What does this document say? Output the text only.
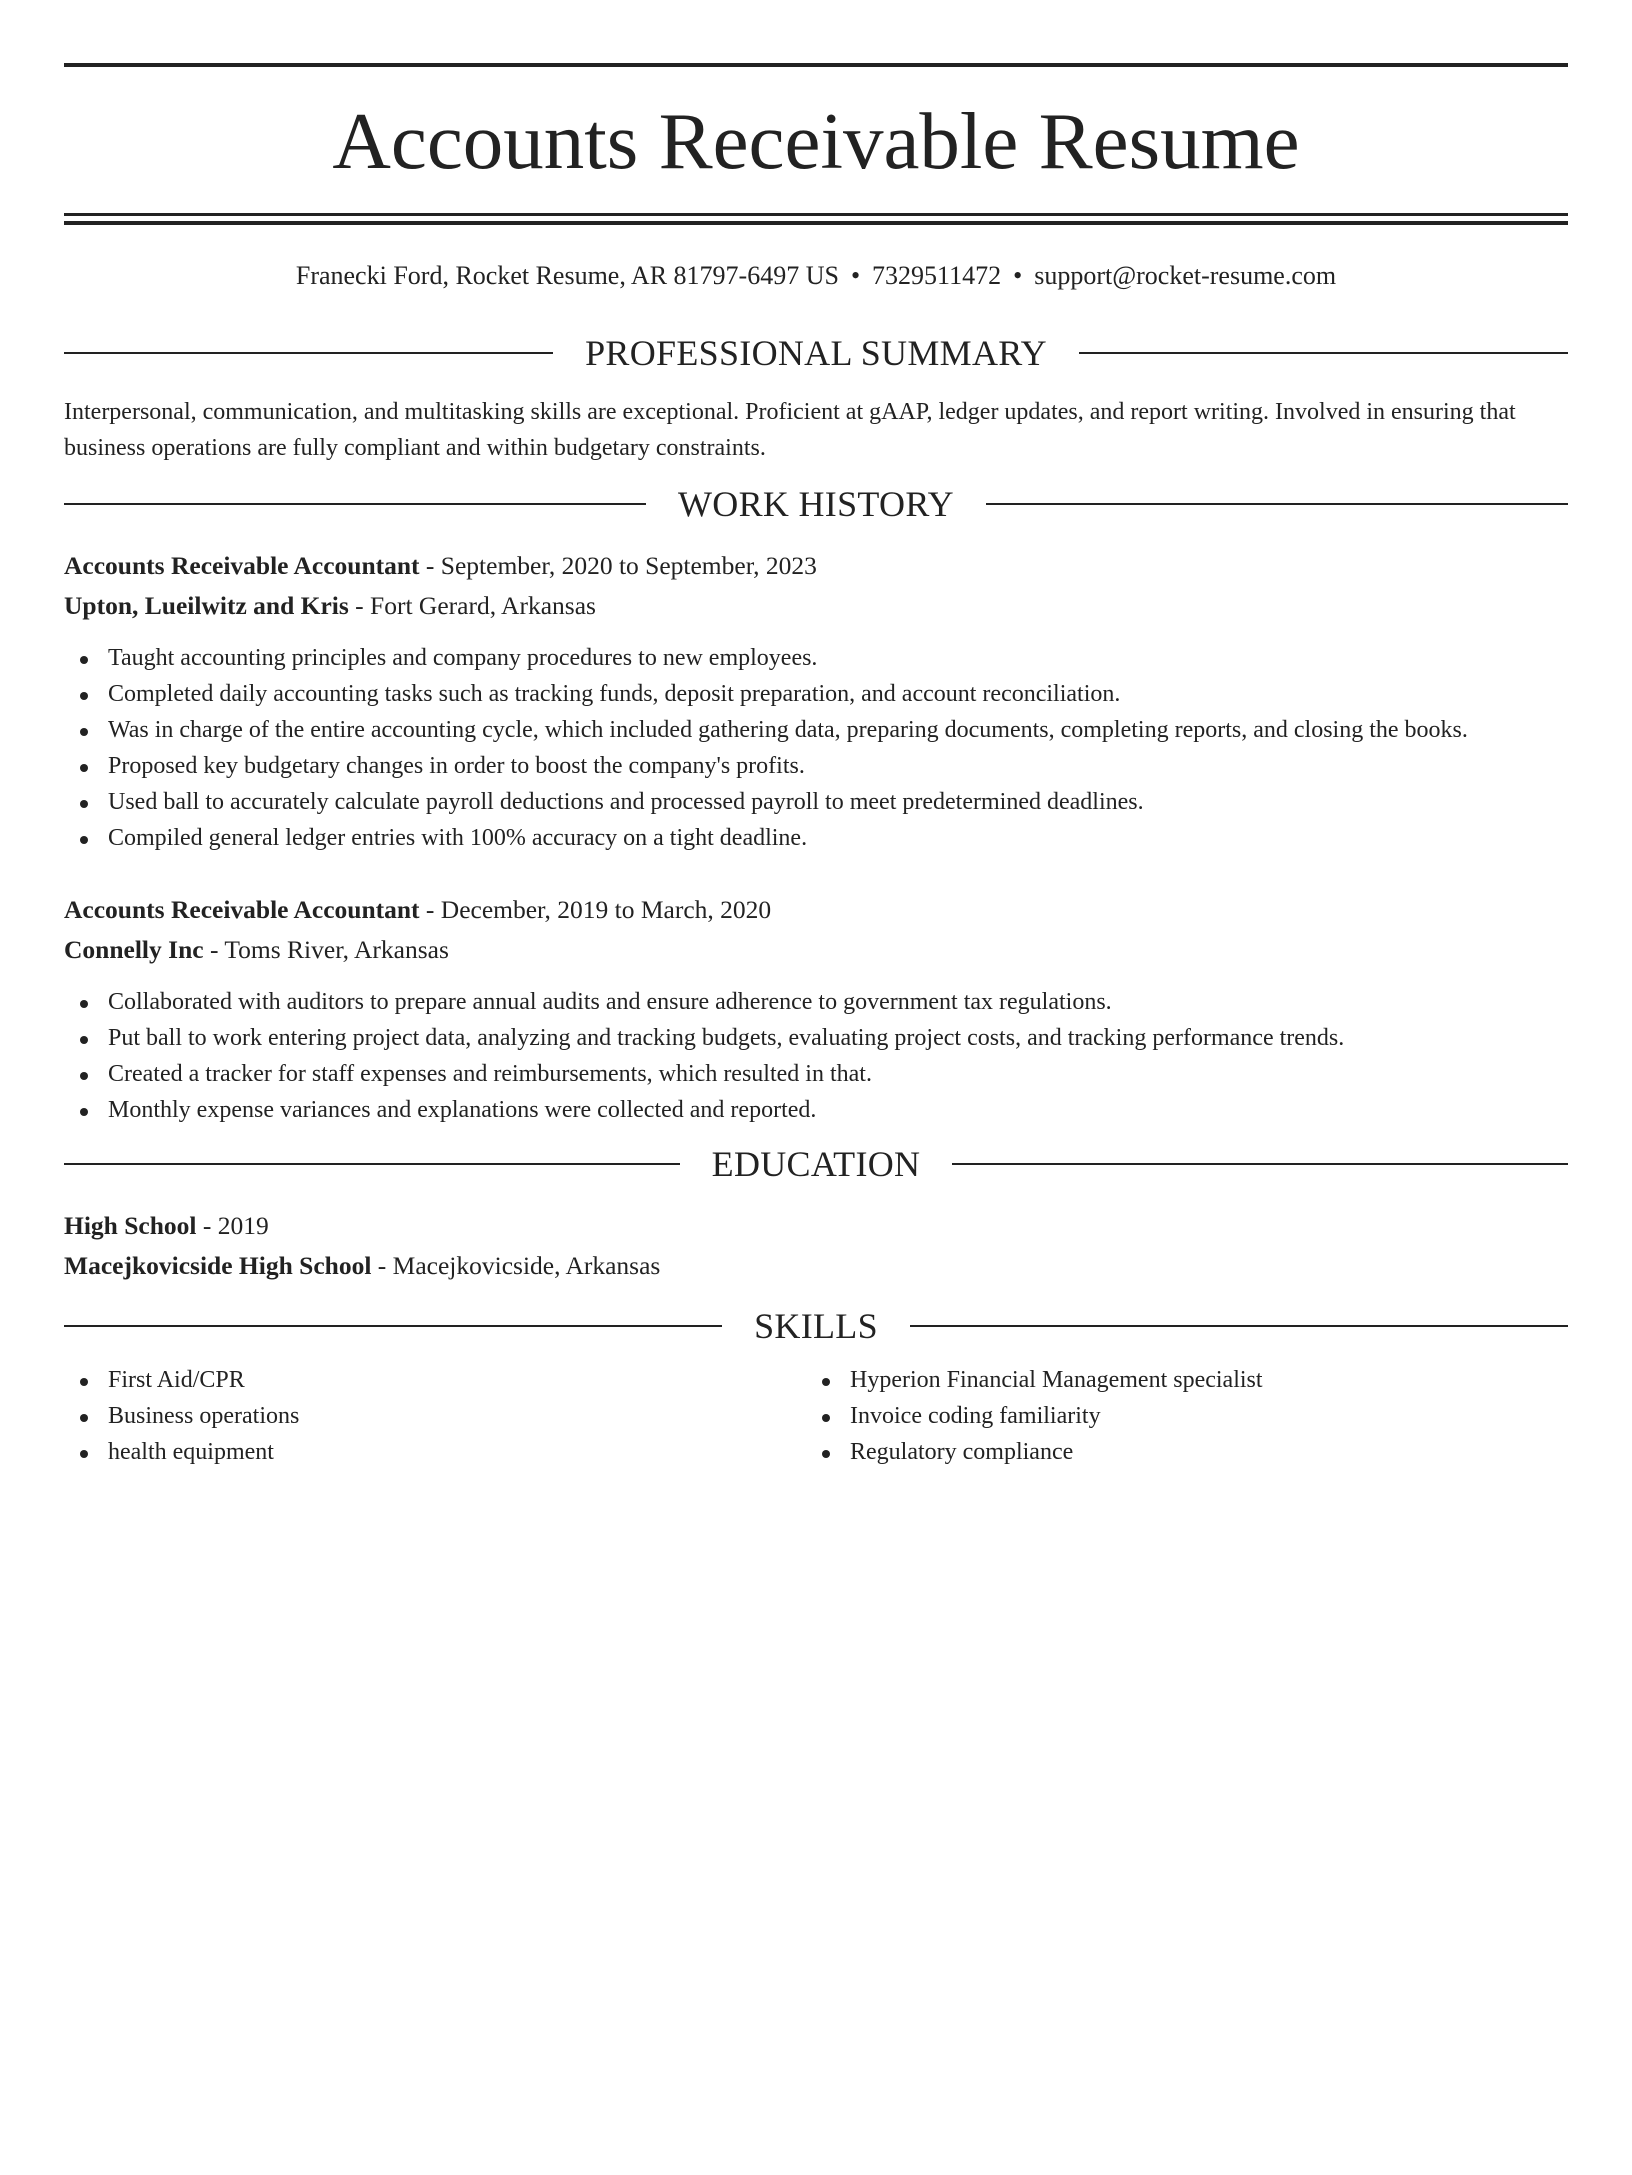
Accounts Receivable Resume
Franecki Ford, Rocket Resume, AR 81797-6497 US • 7329511472 • support@rocket-resume.com
PROFESSIONAL SUMMARY
Interpersonal, communication, and multitasking skills are exceptional. Proficient at gAAP, ledger updates, and report writing. Involved in ensuring that business operations are fully compliant and within budgetary constraints.
WORK HISTORY
Accounts Receivable Accountant - September, 2020 to September, 2023
Upton, Lueilwitz and Kris - Fort Gerard, Arkansas
Taught accounting principles and company procedures to new employees.
Completed daily accounting tasks such as tracking funds, deposit preparation, and account reconciliation.
Was in charge of the entire accounting cycle, which included gathering data, preparing documents, completing reports, and closing the books.
Proposed key budgetary changes in order to boost the company's profits.
Used ball to accurately calculate payroll deductions and processed payroll to meet predetermined deadlines.
Compiled general ledger entries with 100% accuracy on a tight deadline.
Accounts Receivable Accountant - December, 2019 to March, 2020
Connelly Inc - Toms River, Arkansas
Collaborated with auditors to prepare annual audits and ensure adherence to government tax regulations.
Put ball to work entering project data, analyzing and tracking budgets, evaluating project costs, and tracking performance trends.
Created a tracker for staff expenses and reimbursements, which resulted in that.
Monthly expense variances and explanations were collected and reported.
EDUCATION
High School - 2019
Macejkovicside High School - Macejkovicside, Arkansas
SKILLS
First Aid/CPR
Business operations
health equipment
Hyperion Financial Management specialist
Invoice coding familiarity
Regulatory compliance
